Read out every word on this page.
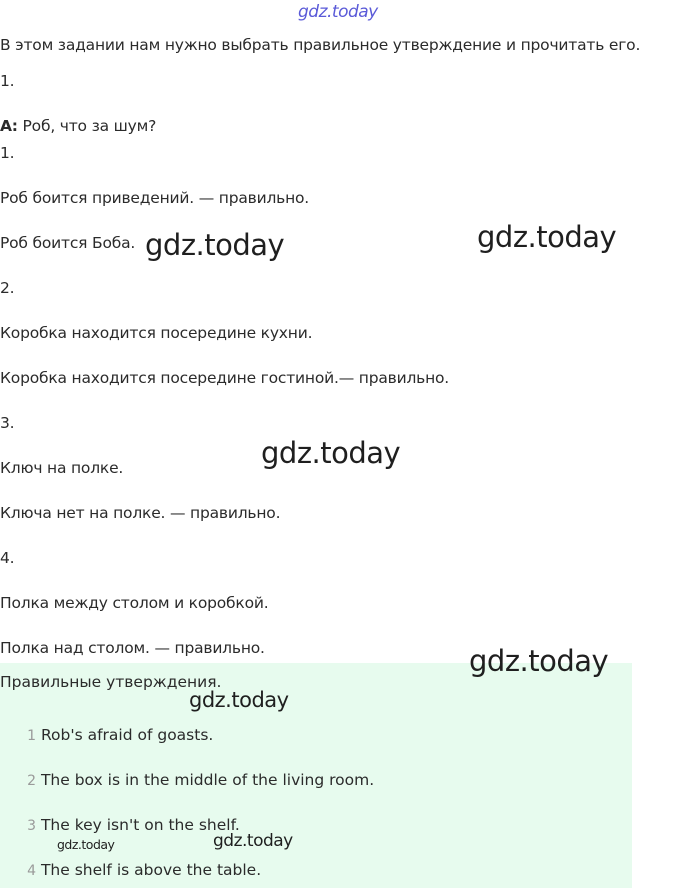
gdz.today
В этом задании нам нужно выбрать правильное утверждение и прочитать его.
1.
А: Роб, что за шум?
1.
Роб боится приведений. — правильно.
Роб боится Боба.
2.
Коробка находится посередине кухни.
Коробка находится посередине гостиной.— правильно.
3.
Ключ на полке.
Ключа нет на полке. — правильно.
4.
Полка между столом и коробкой.
Полка над столом. — правильно.
Правильные утверждения.
1 Rob's afraid of goasts.
2 The box is in the middle of the living room.
3 The key isn't on the shelf.
4 The shelf is above the table.
gdz.today	gdz.today
gdz.today
gdz.today
gdz.today
gdz.today
gdz.today
